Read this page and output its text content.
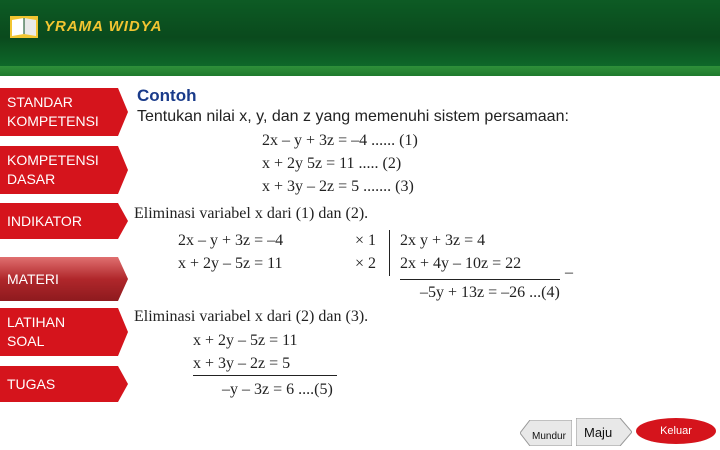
YRAMA WIDYA
STANDAR KOMPETENSI
KOMPETENSI DASAR
INDIKATOR
MATERI
LATIHAN SOAL
TUGAS
Contoh
Tentukan nilai x, y, dan z yang memenuhi sistem persamaan:
2x – y + 3z = –4 ...... (1)
x + 2y 5z = 11 ..... (2)
x + 3y – 2z = 5 ....... (3)
Eliminasi variabel x dari (1) dan (2).
2x – y + 3z = –4
x + 2y – 5z = 11
× 1
× 2
2x y + 3z = 4
2x + 4y – 10z = 22
–
–5y + 13z = –26 ...(4)
Eliminasi variabel x dari (2) dan (3).
x + 2y – 5z = 11
x + 3y – 2z = 5
–y – 3z = 6 ....(5)
$_{Mundur}$	$_{Maju}$	Keluar
